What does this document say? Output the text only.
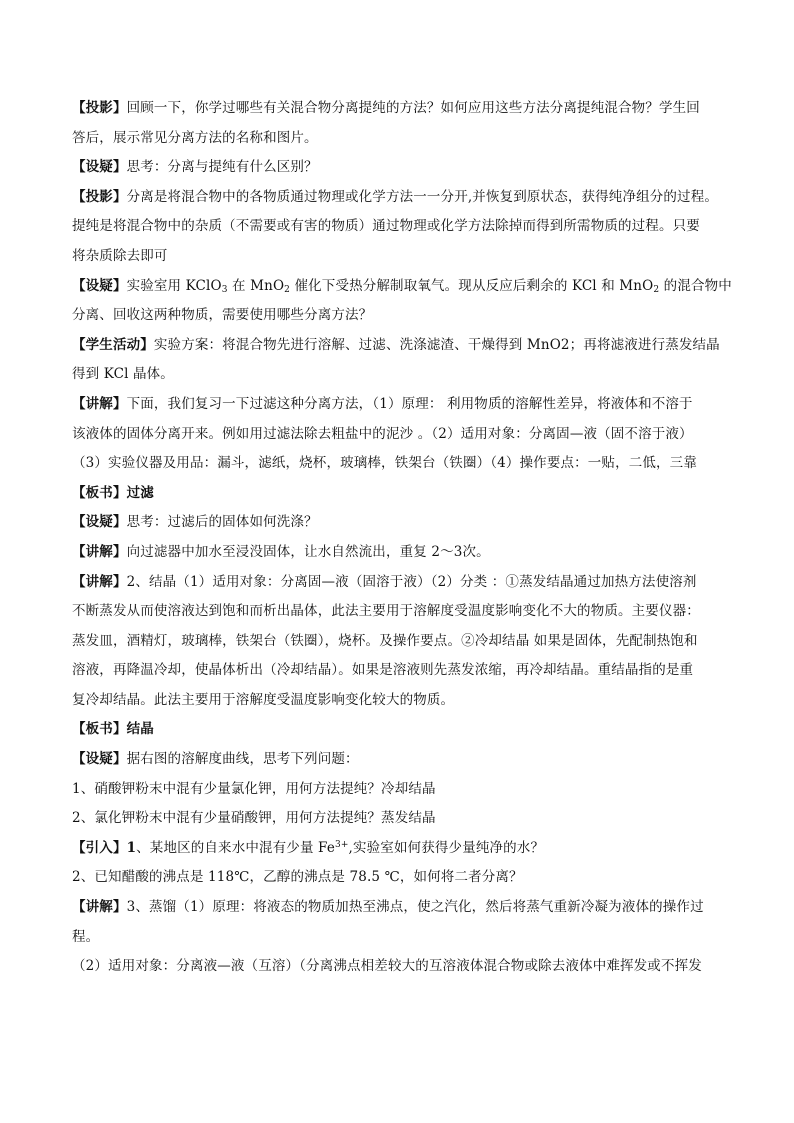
【投影】回顾一下，你学过哪些有关混合物分离提纯的方法？如何应用这些方法分离提纯混合物？学生回
答后，展示常见分离方法的名称和图片。
【设疑】思考：分离与提纯有什么区别？
【投影】分离是将混合物中的各物质通过物理或化学方法一一分开,并恢复到原状态，获得纯净组分的过程。
提纯是将混合物中的杂质（不需要或有害的物质）通过物理或化学方法除掉而得到所需物质的过程。只要
将杂质除去即可
【设疑】实验室用 KClO$_3$ 在 MnO$_2$ 催化下受热分解制取氧气。现从反应后剩余的 KCl 和 MnO$_2$ 的混合物中
分离、回收这两种物质，需要使用哪些分离方法？
【学生活动】实验方案：将混合物先进行溶解、过滤、洗涤滤渣、干燥得到 MnO2；再将滤液进行蒸发结晶
得到 KCl 晶体。
【讲解】下面，我们复习一下过滤这种分离方法，（1）原理： 利用物质的溶解性差异，将液体和不溶于
该液体的固体分离开来。例如用过滤法除去粗盐中的泥沙 。（2）适用对象：分离固—液（固不溶于液）
（3）实验仪器及用品：漏斗，滤纸，烧杯，玻璃棒，铁架台（铁圈）（4）操作要点：一贴，二低，三靠
【板书】过滤
【设疑】思考：过滤后的固体如何洗涤？
【讲解】向过滤器中加水至浸没固体，让水自然流出，重复 2～3次。
【讲解】2、结晶（1）适用对象：分离固—液（固溶于液）（2）分类 ：①蒸发结晶通过加热方法使溶剂
不断蒸发从而使溶液达到饱和而析出晶体，此法主要用于溶解度受温度影响变化不大的物质。主要仪器：
蒸发皿，酒精灯，玻璃棒，铁架台（铁圈），烧杯。及操作要点。②冷却结晶 如果是固体，先配制热饱和
溶液，再降温冷却，使晶体析出（冷却结晶）。如果是溶液则先蒸发浓缩，再冷却结晶。重结晶指的是重
复冷却结晶。此法主要用于溶解度受温度影响变化较大的物质。
【板书】结晶
【设疑】据右图的溶解度曲线，思考下列问题：
1、硝酸钾粉末中混有少量氯化钾，用何方法提纯？冷却结晶
2、氯化钾粉末中混有少量硝酸钾，用何方法提纯？蒸发结晶
【引入】1、某地区的自来水中混有少量 $Fe^{3+}$,实验室如何获得少量纯净的水？
2、已知醋酸的沸点是 118℃，乙醇的沸点是 78.5 ℃，如何将二者分离？
【讲解】3、蒸馏（1）原理：将液态的物质加热至沸点，使之汽化，然后将蒸气重新冷凝为液体的操作过
程。
（2）适用对象：分离液—液（互溶）（分离沸点相差较大的互溶液体混合物或除去液体中难挥发或不挥发
